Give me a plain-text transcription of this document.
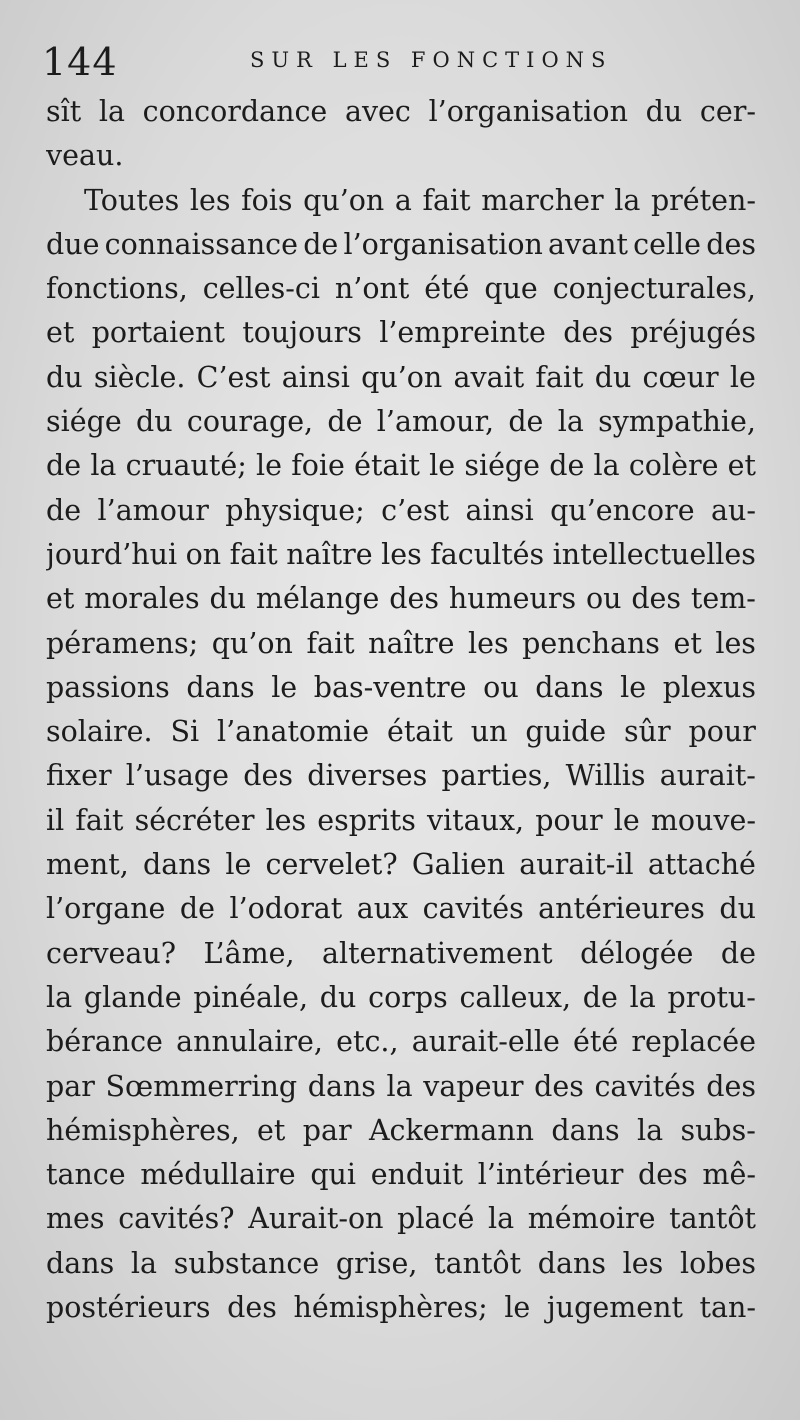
144	SUR LES FONCTIONS
sît la concordance avec l’organisation du cer-
veau.
Toutes les fois qu’on a fait marcher la préten-
due connaissance de l’organisation avant celle des
fonctions, celles-ci n’ont été que conjecturales,
et portaient toujours l’empreinte des préjugés
du siècle. C’est ainsi qu’on avait fait du cœur le
siége du courage, de l’amour, de la sympathie,
de la cruauté; le foie était le siége de la colère et
de l’amour physique; c’est ainsi qu’encore au-
jourd’hui on fait naître les facultés intellectuelles
et morales du mélange des humeurs ou des tem-
péramens; qu’on fait naître les penchans et les
passions dans le bas-ventre ou dans le plexus
solaire. Si l’anatomie était un guide sûr pour
fixer l’usage des diverses parties, Willis aurait-
il fait sécréter les esprits vitaux, pour le mouve-
ment, dans le cervelet? Galien aurait-il attaché
l’organe de l’odorat aux cavités antérieures du
cerveau? L’âme, alternativement délogée de
la glande pinéale, du corps calleux, de la protu-
bérance annulaire, etc., aurait-elle été replacée
par Sœmmerring dans la vapeur des cavités des
hémisphères, et par Ackermann dans la subs-
tance médullaire qui enduit l’intérieur des mê-
mes cavités? Aurait-on placé la mémoire tantôt
dans la substance grise, tantôt dans les lobes
postérieurs des hémisphères; le jugement tan-
